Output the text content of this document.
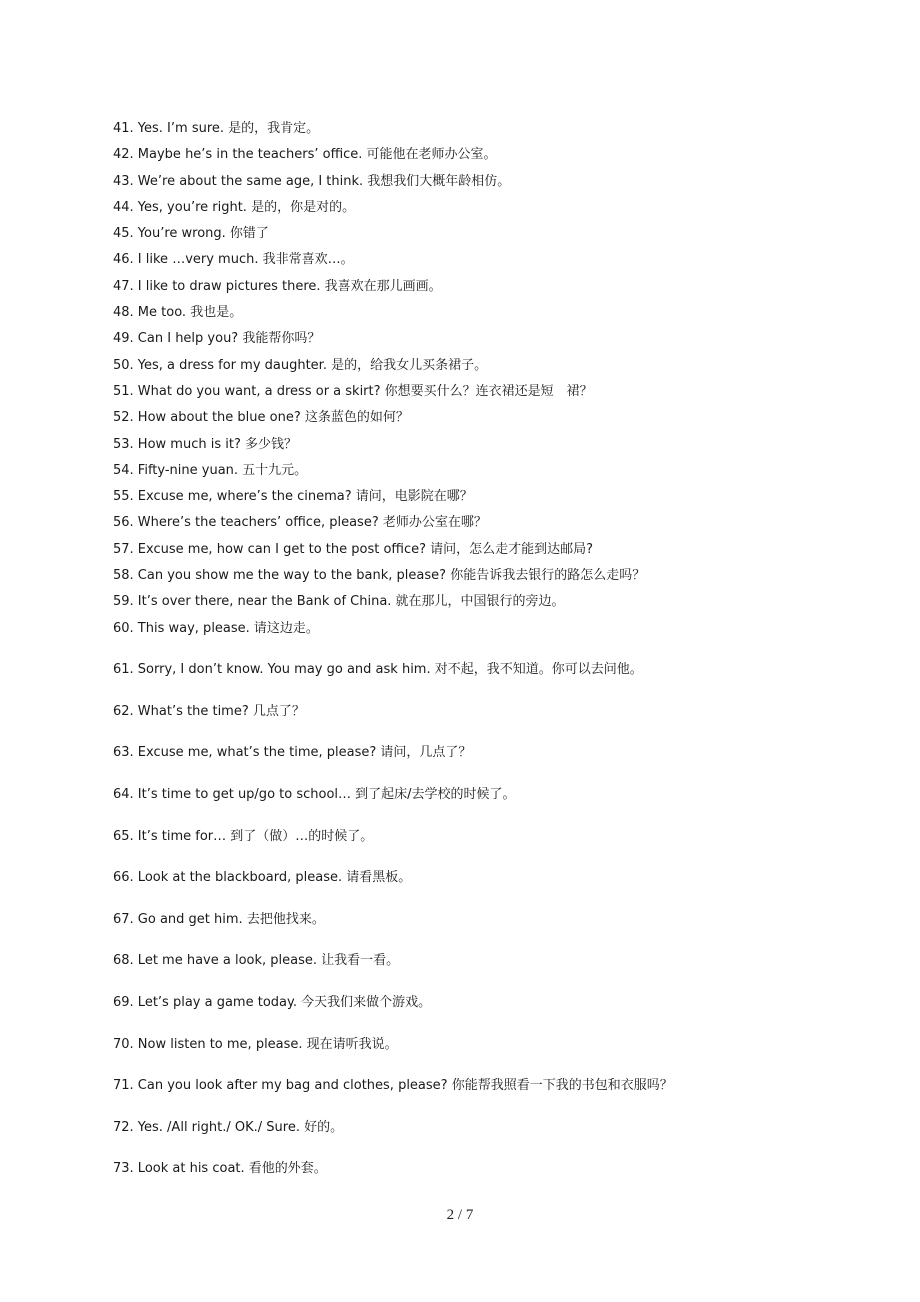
41. Yes. I’m sure. 是的，我肯定。
42. Maybe he’s in the teachers’ office. 可能他在老师办公室。
43. We’re about the same age, I think. 我想我们大概年龄相仿。
44. Yes, you’re right. 是的，你是对的。
45. You’re wrong. 你错了
46. I like …very much. 我非常喜欢…。
47. I like to draw pictures there. 我喜欢在那儿画画。
48. Me too. 我也是。
49. Can I help you? 我能帮你吗？
50. Yes, a dress for my daughter. 是的，给我女儿买条裙子。
51. What do you want, a dress or a skirt? 你想要买什么？连衣裙还是短　裙？
52. How about the blue one? 这条蓝色的如何？
53. How much is it? 多少钱？
54. Fifty-nine yuan. 五十九元。
55. Excuse me, where’s the cinema? 请问，电影院在哪？
56. Where’s the teachers’ office, please? 老师办公室在哪？
57. Excuse me, how can I get to the post office? 请问，怎么走才能到达邮局?
58. Can you show me the way to the bank, please? 你能告诉我去银行的路怎么走吗？
59. It’s over there, near the Bank of China. 就在那儿，中国银行的旁边。
60. This way, please. 请这边走。
61. Sorry, I don’t know. You may go and ask him. 对不起，我不知道。你可以去问他。
62. What’s the time? 几点了？
63. Excuse me, what’s the time, please? 请问，几点了？
64. It’s time to get up/go to school… 到了起床/去学校的时候了。
65. It’s time for… 到了（做）…的时候了。
66. Look at the blackboard, please. 请看黑板。
67. Go and get him. 去把他找来。
68. Let me have a look, please. 让我看一看。
69. Let’s play a game today. 今天我们来做个游戏。
70. Now listen to me, please. 现在请听我说。
71. Can you look after my bag and clothes, please? 你能帮我照看一下我的书包和衣服吗？
72. Yes. /All right./ OK./ Sure. 好的。
73. Look at his coat. 看他的外套。
2 / 7
